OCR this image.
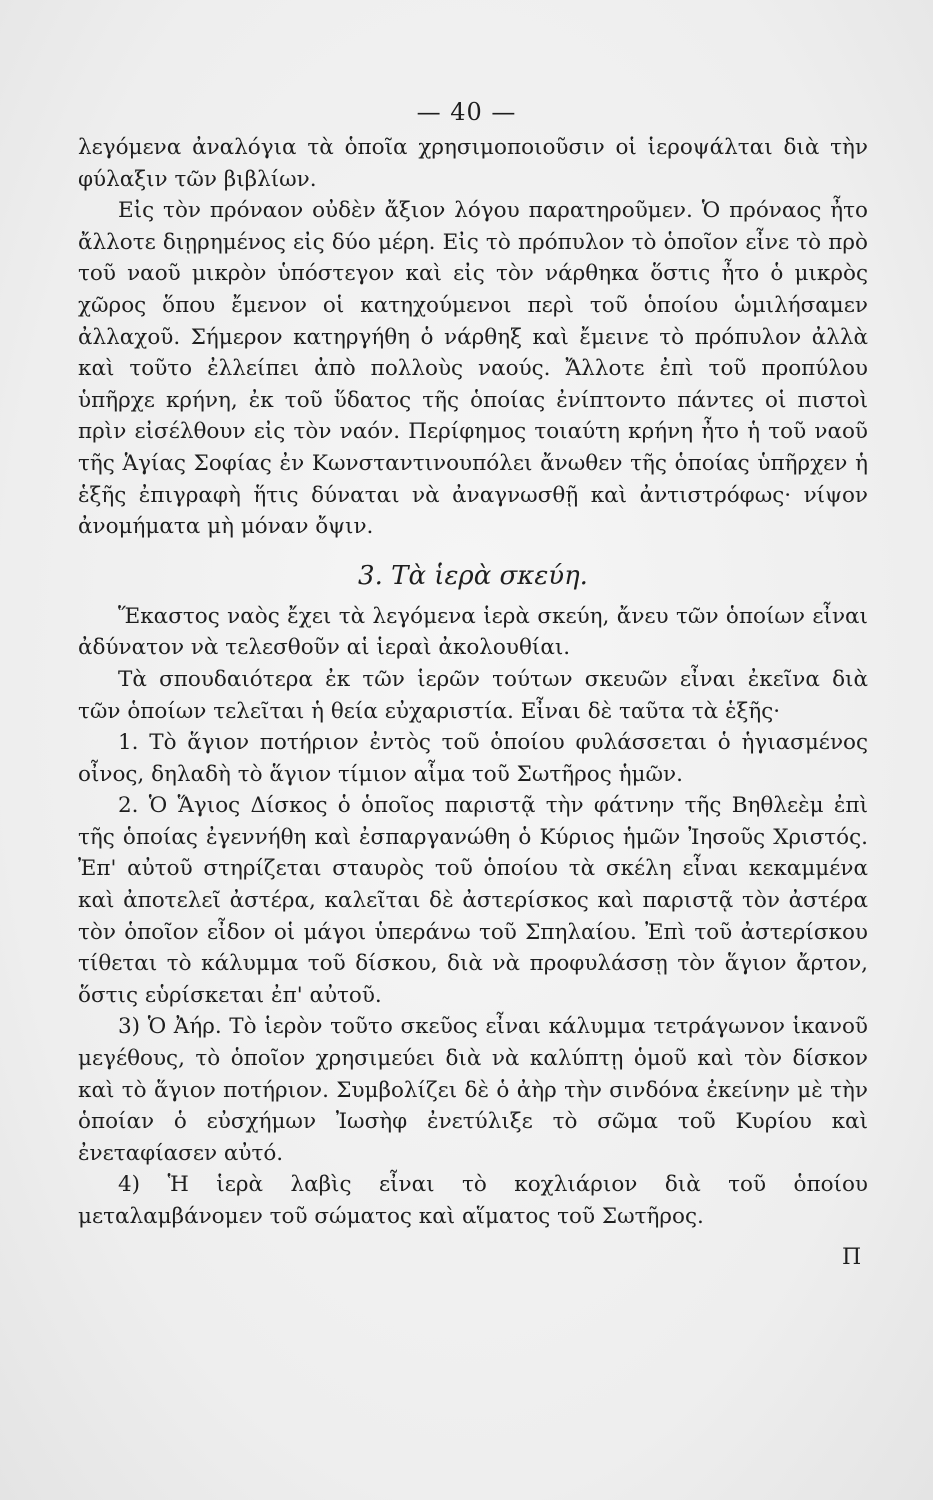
— 40 —

λεγόμενα ἀναλόγια τὰ ὁποῖα χρησιμοποιοῦσιν οἱ ἱεροψάλται διὰ τὴν φύλαξιν τῶν βιβλίων.

Εἰς τὸν πρόναον οὐδὲν ἄξιον λόγου παρατηροῦμεν. Ὁ πρόναος ἦτο ἄλλοτε διῃρημένος εἰς δύο μέρη. Εἰς τὸ πρόπυλον τὸ ὁποῖον εἶνε τὸ πρὸ τοῦ ναοῦ μικρὸν ὑπόστεγον καὶ εἰς τὸν νάρθηκα ὅστις ἦτο ὁ μικρὸς χῶρος ὅπου ἔμενον οἱ κατηχούμενοι περὶ τοῦ ὁποίου ὡμιλήσαμεν ἀλλαχοῦ. Σήμερον κατηργήθη ὁ νάρθηξ καὶ ἔμεινε τὸ πρόπυλον ἀλλὰ καὶ τοῦτο ἐλλείπει ἀπὸ πολλοὺς ναούς. Ἄλλοτε ἐπὶ τοῦ προπύλου ὑπῆρχε κρήνη, ἐκ τοῦ ὕδατος τῆς ὁποίας ἐνίπτοντο πάντες οἱ πιστοὶ πρὶν εἰσέλθουν εἰς τὸν ναόν. Περίφημος τοιαύτη κρήνη ἦτο ἡ τοῦ ναοῦ τῆς Ἁγίας Σοφίας ἐν Κωνσταντινουπόλει ἄνωθεν τῆς ὁποίας ὑπῆρχεν ἡ ἑξῆς ἐπιγραφὴ ἥτις δύναται νὰ ἀναγνωσθῇ καὶ ἀντιστρόφως· νίψον ἀνομήματα μὴ μόναν ὄψιν.

3. Τὰ ἱερὰ σκεύη.

Ἕκαστος ναὸς ἔχει τὰ λεγόμενα ἱερὰ σκεύη, ἄνευ τῶν ὁποίων εἶναι ἀδύνατον νὰ τελεσθοῦν αἱ ἱεραὶ ἀκολουθίαι.

Τὰ σπουδαιότερα ἐκ τῶν ἱερῶν τούτων σκευῶν εἶναι ἐκεῖνα διὰ τῶν ὁποίων τελεῖται ἡ θεία εὐχαριστία. Εἶναι δὲ ταῦτα τὰ ἑξῆς·

1. Τὸ ἅγιον ποτήριον ἐντὸς τοῦ ὁποίου φυλάσσεται ὁ ἡγιασμένος οἶνος, δηλαδὴ τὸ ἅγιον τίμιον αἷμα τοῦ Σωτῆρος ἡμῶν.

2. Ὁ Ἅγιος Δίσκος ὁ ὁποῖος παριστᾷ τὴν φάτνην τῆς Βηθλεὲμ ἐπὶ τῆς ὁποίας ἐγεννήθη καὶ ἐσπαργανώθη ὁ Κύριος ἡμῶν Ἰησοῦς Χριστός. Ἐπ' αὐτοῦ στηρίζεται σταυρὸς τοῦ ὁποίου τὰ σκέλη εἶναι κεκαμμένα καὶ ἀποτελεῖ ἀστέρα, καλεῖται δὲ ἀστερίσκος καὶ παριστᾷ τὸν ἀστέρα τὸν ὁποῖον εἶδον οἱ μάγοι ὑπεράνω τοῦ Σπηλαίου. Ἐπὶ τοῦ ἀστερίσκου τίθεται τὸ κάλυμμα τοῦ δίσκου, διὰ νὰ προφυλάσσῃ τὸν ἅγιον ἄρτον, ὅστις εὑρίσκεται ἐπ' αὐτοῦ.

3) Ὁ Ἀήρ. Τὸ ἱερὸν τοῦτο σκεῦος εἶναι κάλυμμα τετράγωνον ἱκανοῦ μεγέθους, τὸ ὁποῖον χρησιμεύει διὰ νὰ καλύπτῃ ὁμοῦ καὶ τὸν δίσκον καὶ τὸ ἅγιον ποτήριον. Συμβολίζει δὲ ὁ ἀὴρ τὴν σινδόνα ἐκείνην μὲ τὴν ὁποίαν ὁ εὐσχήμων Ἰωσὴφ ἐνετύλιξε τὸ σῶμα τοῦ Κυρίου καὶ ἐνεταφίασεν αὐτό.

4) Ἡ ἱερὰ λαβὶς εἶναι τὸ κοχλιάριον διὰ τοῦ ὁποίου μεταλαμβάνομεν τοῦ σώματος καὶ αἵματος τοῦ Σωτῆρος.

Π
